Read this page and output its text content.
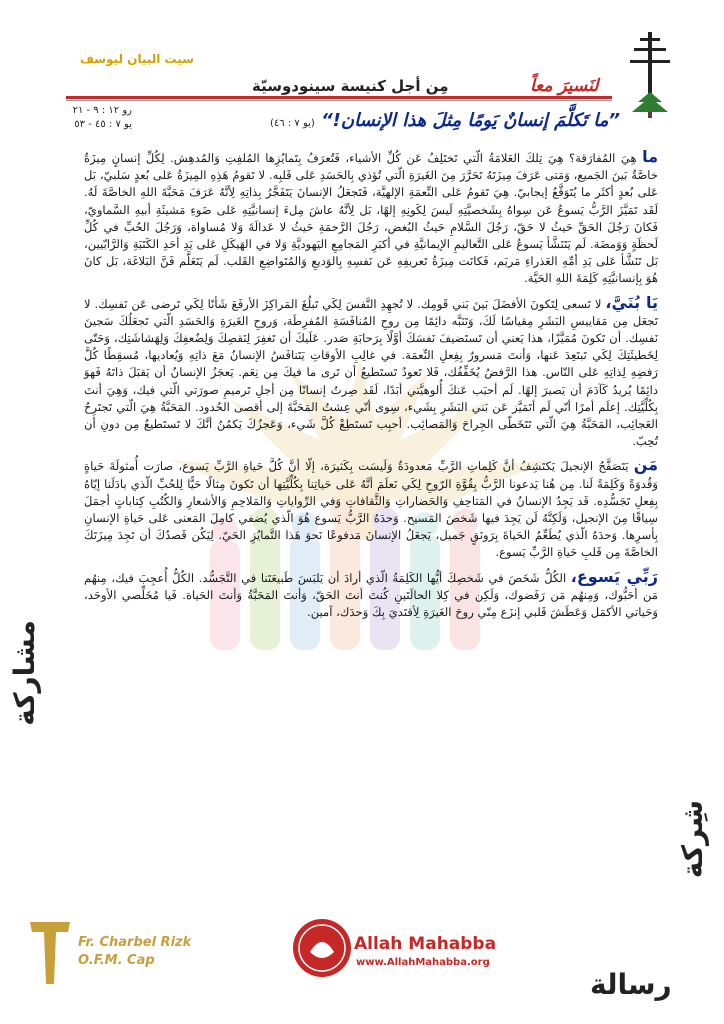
سيت البيان ليوسف
لنَسيرَ معاً
مِن أجل كنيسة سينودوسيّة
رو ١٢ : ٩ - ٢١
يو ٧ : ٤٥ - ٥٣	”ما تَكلَّمَ إنسانٌ يَومًا مِثلَ هذا الإنسان!“ (يو ٧ : ٤٦)

ما هِيَ المُفارَقة؟ هِيَ تِلكَ العَلامَةُ الّتي تَختَلِفُ عَن كُلِّ الأشياء، فَتُعرَفُ بِتَمايُزِها المُلفِتِ وَالمُدهِش. لِكُلِّ إنسانٍ مِيزَةٌ خاصَّةٌ بَينَ الجَميع، وَمَتى عَرَفَ مِيزَتَهُ تَحَرَّرَ مِنَ الغَيرَةِ الّتي تُؤذي بِالحَسَدِ عَلى قَلبِه. لا تَقومُ هَذِهِ المِيزَةُ عَلى بُعدٍ سَلبيّ، بَل عَلى بُعدٍ أكثَر ما يُتَوَقَّعُ إيجابيّ. هِيَ تَقومُ عَلى النِّعمَةِ الإلهيَّة، فَتَجعَلُ الإنسانَ يَتَفَجَّرُ بِذاتِهِ لِأنَّهُ عَرَفَ مَحَبَّةَ اللهِ الخاصَّةَ لَهُ. لَقَد تَمَيَّزَ الرَّبُّ يَسوعُ عَن سِواهُ بِشَخصيَّتِهِ لَيسَ لِكَونِهِ إلهًا، بَل لِأنَّهُ عاشَ مِلءَ إنسانيَّتِهِ عَلى ضَوءِ مَشيئَةِ أبيهِ السَّماويّ، فَكانَ رَجُلَ الحَقِّ حَيثُ لا حَقّ، رَجُلَ السَّلامِ حَيثُ البُغض، رَجُلَ الرَّحمَةِ حَيثُ لا عَدالَةَ وَلا مُساواة، وَرَجُلَ الحُبِّ في كُلِّ لَحظَةٍ وَوَمضَة. لَم يَتَنَشَّأ يَسوعُ عَلى التَّعاليمِ الإيمانيَّةِ في أكبَرِ المَجامِعِ اليَهوديَّةِ وَلا في الهَيكَلِ عَلى يَدِ أحَدِ الكَتَبَةِ وَالرَّابّيين، بَل تَنَشَّأ عَلى يَدِ أمِّهِ العَذراءِ مَريَم، فَكانَت مِيزَةُ تَعريفِهِ عَن نَفسِهِ بِالوَديعِ وَالمُتَواضِعِ القَلب. لَم يَتَعَلَّم فَنَّ البَلاغَة، بَل كانَ هُوَ بِإنسانيَّتِهِ كَلِمَةَ اللهِ الحَيَّة.

يَا بُنَيَّ، لا تَسعى لِتَكونَ الأفضَلَ بَينَ بَني قَومِك. لا تُجهِدِ النَّفسَ لِكَي تَبلُغَ المَراكِزَ الأرفَعَ شَأنًا لِكَي تَرضى عَن نَفسِك. لا تَجعَل مِن مَقاييسِ البَشَرِ مِقياسًا لَكَ، وَتَنَبَّه دائِمًا مِن روحِ المُنافَسَةِ المُفرِطَة، وَروحِ الغَيرَةِ وَالحَسَدِ الّتي تَجعَلُكَ سَجينَ نَفسِك. أن تَكونَ مُمَيَّزًا، هذا يَعني أن تَستَضيفَ نَفسَكَ أوَّلًا بِرَحابَةِ صَدر. عَلَيكَ أن تَغفِرَ لِنَقصِكَ وَلِضُعفِكَ وَلِهَشاشَتِك، وَحَتّى لِخَطيئَتِكَ لِكَي تَبتَعِدَ عَنها، وَأنتَ مَسرورٌ بِفِعلِ النِّعمَة. في غالِبِ الأوقاتِ يَتَنافَسُ الإنسانُ مَعَ ذاتِهِ وَيُعاديها، مُسقِطًا كُلَّ رَفضِهِ لِذاتِهِ عَلى النّاس. هذا الرَّفضُ يُخَفِّفُك، فَلا تَعودُ تَستَطيعُ أن تَرى ما فيكَ مِن نِعَم. يَعجَزُ الإنسانُ أن يَقبَلَ ذاتَهُ فَهوَ دائِمًا يُريدُ كَآدَمَ أن يَصيرَ إلهًا. لَم أحبَب عَنكَ أُلوهيَّتي أبَدًا، لَقَد صِرتُ إنسانًا مِن أجلِ تَرميمِ صورَتي الّتي فيك، وَهِيَ أنتَ بِكُلِّيَّتِك. إعلَم أمرًا أنّي لَم أتَمَيَّز عَن بَني البَشَرِ بِشَيء، سِوى أنّي عِشتُ المَحَبَّةَ إلى أقصى الحُدود. المَحَبَّةُ هِيَ الّتي تَجتَرِحُ العَجائِب، المَحَبَّةُ هِيَ الّتي تَتَخَطّى الجِراحَ وَالمَصائِب. أحبِب تَستَطِعْ كُلَّ شَيء، وَعَجزُكَ يَكمُنُ أنَّكَ لا تَستَطيعُ مِن دونِ أن تُحِبّ.

مَن يَتَصَفَّحُ الإنجيلَ يَكتَشِفُ أنَّ كَلِماتِ الرَّبِّ مَعدودَةٌ وَلَيسَت بِكَثيرَة، إلّا أنَّ كُلَّ حَياةِ الرَّبِّ يَسوع، صارَت أُمثولَةَ حَياةٍ وَقُدوَةً وَكَلِمَةً لَنا. مِن هُنا يَدعونا الرَّبُّ بِقُوَّةِ الرّوحِ لِكَي نَعلَمَ أنَّهُ عَلى حَياتِنا بِكُلِّيَّتِها أن تَكونَ مِثالًا حَيًّا لِلحُبِّ الّذي بادَلَنا إيّاهُ بِفِعلِ تَجَسُّدِه. قَد يَجِدُ الإنسانُ في المَتاحِفِ وَالحَضاراتِ وَالثَّقافاتِ وَفي الرِّواياتِ وَالمَلاحِمِ وَالأشعارِ وَالكُتُبِ كِتاباتٍ أجمَلَ سِياقًا مِنَ الإنجيل، وَلَكِنَّهُ لَن يَجِدَ فيها شَخصَ المَسيح. وَحدَهُ الرَّبُّ يَسوع هُوَ الّذي يُضفي كامِلَ المَعنى عَلى حَياةِ الإنسانِ بِأسرِها. وَحدَهُ الّذي يُطَعِّمُ الحَياةَ بِرَونَقٍ جَميل، يَجعَلُ الإنسانَ مَدفوعًا نَحوَ هَذا التَّمايُزِ الحَيّ. لِيَكُن قَصدُكَ أن تَجِدَ مِيزَتَكَ الخاصَّةَ مِن قَلبِ حَياةِ الرَّبِّ يَسوع.

رَبِّي يَسوع، الكُلُّ شَخَصَ في شَخصِكَ أيُّها الكَلِمَةُ الّذي أرادَ أن يَلبَسَ طَبيعَتَنا في التَّجَسُّد. الكُلُّ أُعجِبَ فيك، مِنهُم مَن أحَبُّوك، وَمِنهُم مَن رَفَضوك، وَلَكِن في كِلا الحالَتَينِ كُنتَ أنتَ الحَقّ، وَأنتَ المَحَبَّةُ وَأنتَ الحَياة. فَيا مُخَلِّصي الأوحَد، وَحَياتي الأكمَل وَعَطَشَ قَلبي إنزَع مِنّي روحَ الغَيرَةِ لِأقتَديَ بِكَ وَحدَك، آمين.

شِركة
مشاركة
رسالة
Fr. Charbel Rizk
O.F.M. Cap
Allah Mahabba
www.AllahMahabba.org
